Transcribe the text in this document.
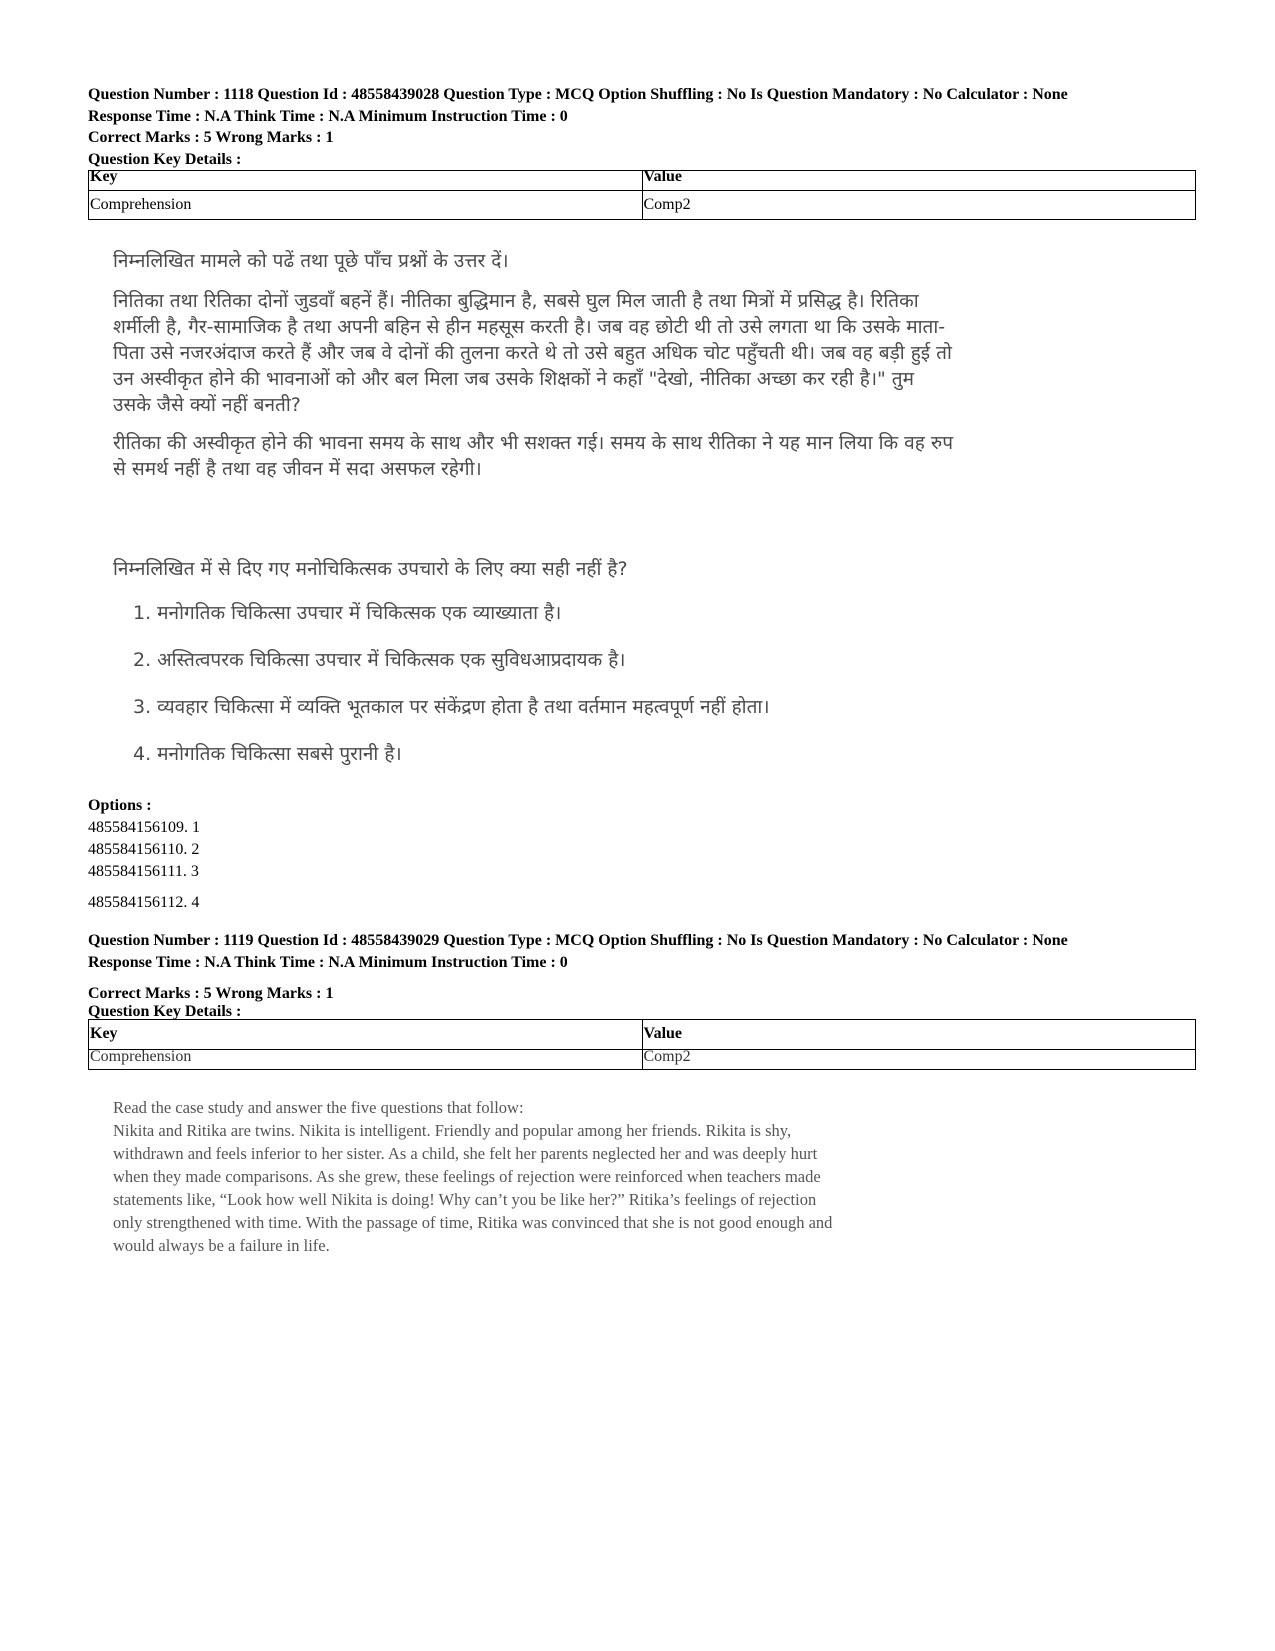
Question Number : 1118 Question Id : 48558439028 Question Type : MCQ Option Shuffling : No Is Question Mandatory : No Calculator : None
Response Time : N.A Think Time : N.A Minimum Instruction Time : 0
Correct Marks : 5 Wrong Marks : 1
Question Key Details :
Key	Value
Comprehension	Comp2

निम्नलिखित मामले को पढें तथा पूछे पाँच प्रश्नों के उत्तर दें।

नितिका तथा रितिका दोनों जुडवाँ बहनें हैं। नीतिका बुद्धिमान है, सबसे घुल मिल जाती है तथा मित्रों में प्रसिद्ध है। रितिका शर्मीली है, गैर-सामाजिक है तथा अपनी बहिन से हीन महसूस करती है। जब वह छोटी थी तो उसे लगता था कि उसके माता-पिता उसे नजरअंदाज करते हैं और जब वे दोनों की तुलना करते थे तो उसे बहुत अधिक चोट पहुँचती थी। जब वह बड़ी हुई तो उन अस्वीकृत होने की भावनाओं को और बल मिला जब उसके शिक्षकों ने कहाँ "देखो, नीतिका अच्छा कर रही है।" तुम उसके जैसे क्यों नहीं बनती?

रीतिका की अस्वीकृत होने की भावना समय के साथ और भी सशक्त गई। समय के साथ रीतिका ने यह मान लिया कि वह रुप से समर्थ नहीं है तथा वह जीवन में सदा असफल रहेगी।

निम्नलिखित में से दिए गए मनोचिकित्सक उपचारो के लिए क्या सही नहीं है?

1. मनोगतिक चिकित्सा उपचार में चिकित्सक एक व्याख्याता है।

2. अस्तित्वपरक चिकित्सा उपचार में चिकित्सक एक सुविधआप्रदायक है।

3. व्यवहार चिकित्सा में व्यक्ति भूतकाल पर संकेंद्रण होता है तथा वर्तमान महत्वपूर्ण नहीं होता।

4. मनोगतिक चिकित्सा सबसे पुरानी है।

Options :
485584156109. 1
485584156110. 2
485584156111. 3
485584156112. 4
Question Number : 1119 Question Id : 48558439029 Question Type : MCQ Option Shuffling : No Is Question Mandatory : No Calculator : None
Response Time : N.A Think Time : N.A Minimum Instruction Time : 0
Correct Marks : 5 Wrong Marks : 1
Question Key Details :
Key	Value
Comprehension	Comp2
Read the case study and answer the five questions that follow:
Nikita and Ritika are twins. Nikita is intelligent. Friendly and popular among her friends. Rikita is shy,
withdrawn and feels inferior to her sister. As a child, she felt her parents neglected her and was deeply hurt
when they made comparisons. As she grew, these feelings of rejection were reinforced when teachers made
statements like, “Look how well Nikita is doing! Why can’t you be like her?” Ritika’s feelings of rejection
only strengthened with time. With the passage of time, Ritika was convinced that she is not good enough and
would always be a failure in life.
